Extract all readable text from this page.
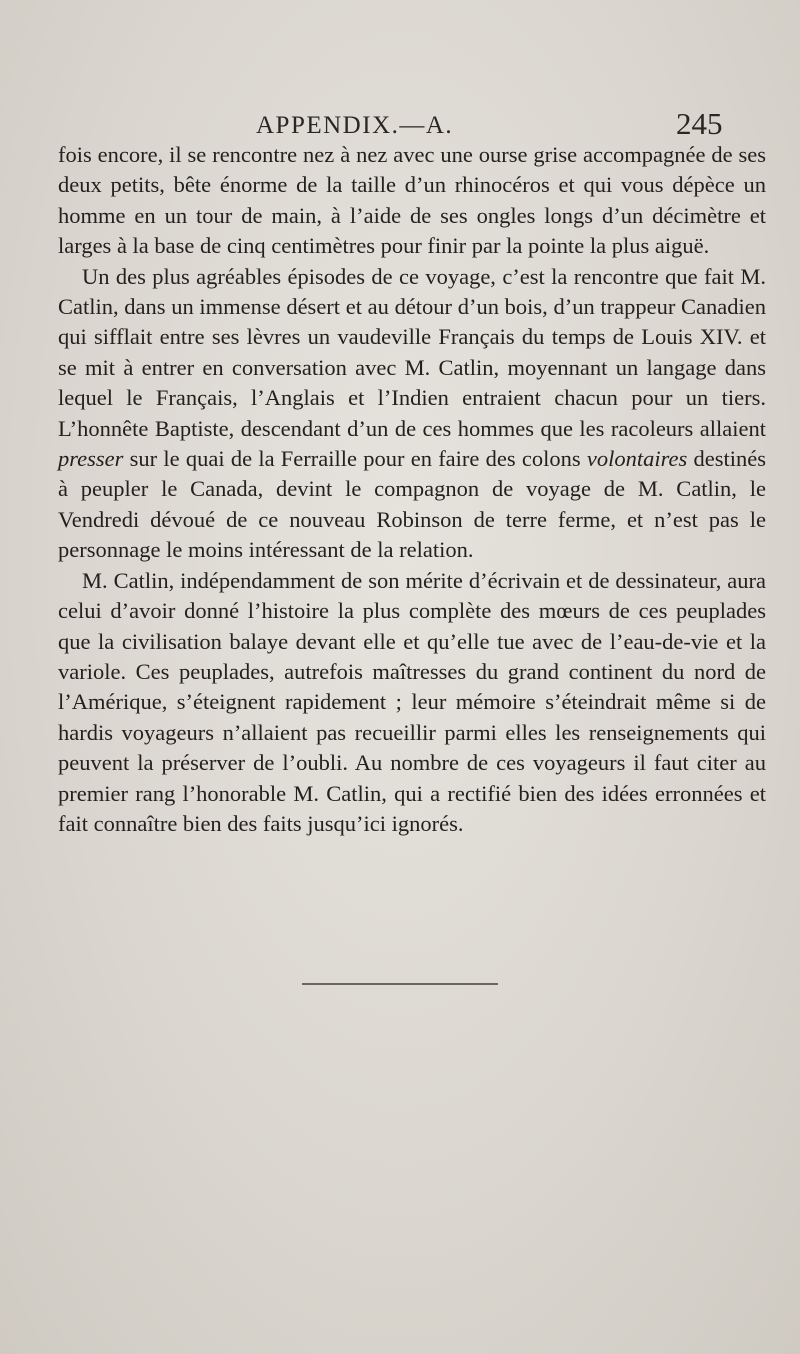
APPENDIX.—A.	245

fois encore, il se rencontre nez à nez avec une ourse grise accompagnée de ses deux petits, bête énorme de la taille d’un rhinocéros et qui vous dépèce un homme en un tour de main, à l’aide de ses ongles longs d’un décimètre et larges à la base de cinq centimètres pour finir par la pointe la plus aiguë.

Un des plus agréables épisodes de ce voyage, c’est la rencontre que fait M. Catlin, dans un immense désert et au détour d’un bois, d’un trappeur Canadien qui sifflait entre ses lèvres un vaudeville Français du temps de Louis XIV. et se mit à entrer en conversation avec M. Catlin, moyennant un langage dans lequel le Français, l’Anglais et l’Indien entraient chacun pour un tiers. L’honnête Baptiste, descendant d’un de ces hommes que les racoleurs allaient presser sur le quai de la Ferraille pour en faire des colons volontaires destinés à peupler le Canada, devint le compagnon de voyage de M. Catlin, le Vendredi dévoué de ce nouveau Robinson de terre ferme, et n’est pas le personnage le moins intéressant de la relation.

M. Catlin, indépendamment de son mérite d’écrivain et de dessinateur, aura celui d’avoir donné l’histoire la plus complète des mœurs de ces peuplades que la civilisation balaye devant elle et qu’elle tue avec de l’eau-de-vie et la variole. Ces peuplades, autrefois maîtresses du grand continent du nord de l’Amérique, s’éteignent rapidement ; leur mémoire s’éteindrait même si de hardis voyageurs n’allaient pas recueillir parmi elles les renseignements qui peuvent la préserver de l’oubli. Au nombre de ces voyageurs il faut citer au premier rang l’honorable M. Catlin, qui a rectifié bien des idées erronnées et fait connaître bien des faits jusqu’ici ignorés.
